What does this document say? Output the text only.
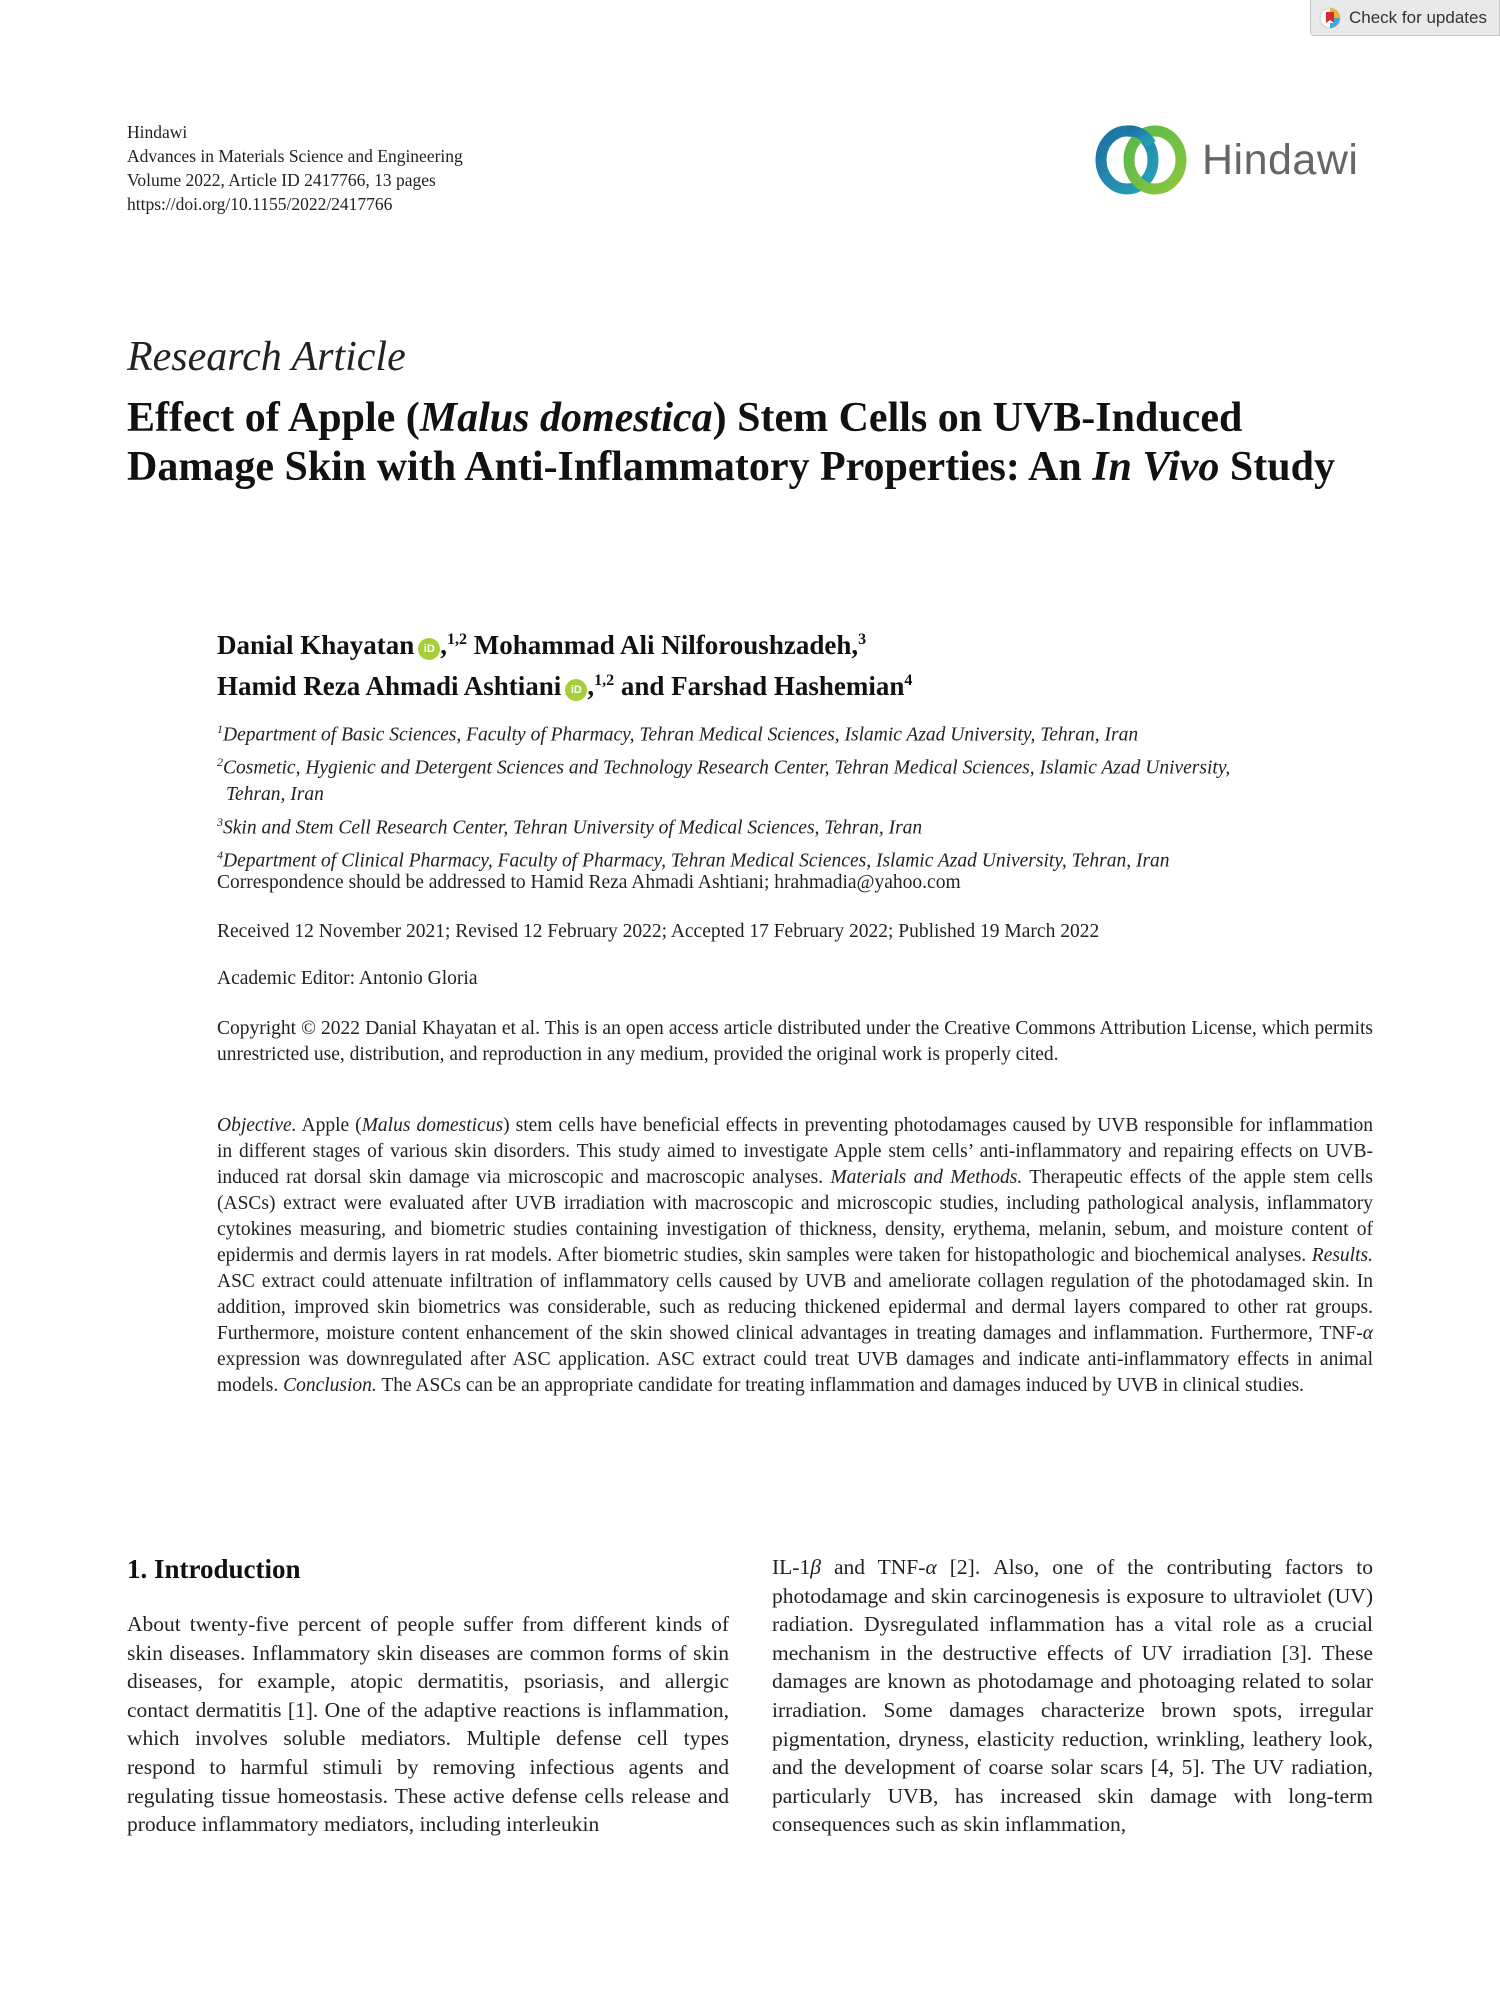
Check for updates
Hindawi
Advances in Materials Science and Engineering
Volume 2022, Article ID 2417766, 13 pages
https://doi.org/10.1155/2022/2417766
Hindawi
Research Article
Effect of Apple (Malus domestica) Stem Cells on UVB-Induced Damage Skin with Anti-Inflammatory Properties: An In Vivo Study
Danial Khayatan iD ,$^{1,2}$ Mohammad Ali Nilforoushzadeh,$^3$
Hamid Reza Ahmadi Ashtiani iD ,$^{1,2}$ and Farshad Hashemian$^4$
$^1$Department of Basic Sciences, Faculty of Pharmacy, Tehran Medical Sciences, Islamic Azad University, Tehran, Iran
$^2$Cosmetic, Hygienic and Detergent Sciences and Technology Research Center, Tehran Medical Sciences, Islamic Azad University,
Tehran, Iran
$^3$Skin and Stem Cell Research Center, Tehran University of Medical Sciences, Tehran, Iran
$^4$Department of Clinical Pharmacy, Faculty of Pharmacy, Tehran Medical Sciences, Islamic Azad University, Tehran, Iran
Correspondence should be addressed to Hamid Reza Ahmadi Ashtiani; hrahmadia@yahoo.com
Received 12 November 2021; Revised 12 February 2022; Accepted 17 February 2022; Published 19 March 2022
Academic Editor: Antonio Gloria
Copyright © 2022 Danial Khayatan et al. This is an open access article distributed under the Creative Commons Attribution License, which permits unrestricted use, distribution, and reproduction in any medium, provided the original work is properly cited.
Objective. Apple (Malus domesticus) stem cells have beneficial effects in preventing photodamages caused by UVB responsible for inflammation in different stages of various skin disorders. This study aimed to investigate Apple stem cells’ anti-inflammatory and repairing effects on UVB-induced rat dorsal skin damage via microscopic and macroscopic analyses. Materials and Methods. Therapeutic effects of the apple stem cells (ASCs) extract were evaluated after UVB irradiation with macroscopic and microscopic studies, including pathological analysis, inflammatory cytokines measuring, and biometric studies containing investigation of thickness, density, erythema, melanin, sebum, and moisture content of epidermis and dermis layers in rat models. After biometric studies, skin samples were taken for histopathologic and biochemical analyses. Results. ASC extract could attenuate infiltration of inflammatory cells caused by UVB and ameliorate collagen regulation of the photodamaged skin. In addition, improved skin biometrics was considerable, such as reducing thickened epidermal and dermal layers compared to other rat groups. Furthermore, moisture content enhancement of the skin showed clinical advantages in treating damages and inflammation. Furthermore, TNF-α expression was downregulated after ASC application. ASC extract could treat UVB damages and indicate anti-inflammatory effects in animal models. Conclusion. The ASCs can be an appropriate candidate for treating inflammation and damages induced by UVB in clinical studies.
1. Introduction
About twenty-five percent of people suffer from different kinds of skin diseases. Inflammatory skin diseases are common forms of skin diseases, for example, atopic dermatitis, psoriasis, and allergic contact dermatitis [1]. One of the adaptive reactions is inflammation, which involves soluble mediators. Multiple defense cell types respond to harmful stimuli by removing infectious agents and regulating tissue homeostasis. These active defense cells release and produce inflammatory mediators, including interleukin
IL-1β and TNF-α [2]. Also, one of the contributing factors to photodamage and skin carcinogenesis is exposure to ultraviolet (UV) radiation. Dysregulated inflammation has a vital role as a crucial mechanism in the destructive effects of UV irradiation [3]. These damages are known as photodamage and photoaging related to solar irradiation. Some damages characterize brown spots, irregular pigmentation, dryness, elasticity reduction, wrinkling, leathery look, and the development of coarse solar scars [4, 5]. The UV radiation, particularly UVB, has increased skin damage with long-term consequences such as skin inflammation,
